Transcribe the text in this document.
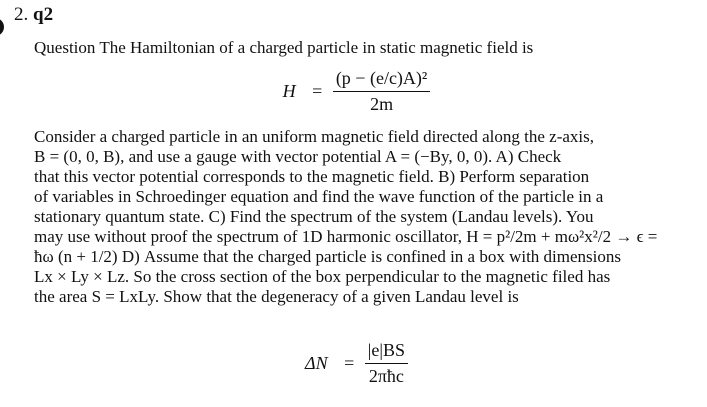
2. q2

Question The Hamiltonian of a charged particle in static magnetic field is

$H = \frac{\text{(p − (e/c)A)²}}{2m}$
Consider a charged particle in an uniform magnetic field directed along the z-axis,
B = (0, 0, B), and use a gauge with vector potential A = (−By, 0, 0). A) Check
that this vector potential corresponds to the magnetic field. B) Perform separation
of variables in Schroedinger equation and find the wave function of the particle in a
stationary quantum state. C) Find the spectrum of the system (Landau levels). You
may use without proof the spectrum of 1D harmonic oscillator, H = p²/2m + mω²x²/2 → ϵ =
ħω (n + 1/2) D) Assume that the charged particle is confined in a box with dimensions
Lx × Ly × Lz. So the cross section of the box perpendicular to the magnetic filed has
the area S = LxLy. Show that the degeneracy of a given Landau level is
$\Delta N = \frac{|e|BS}{\text{2πħc}}$
